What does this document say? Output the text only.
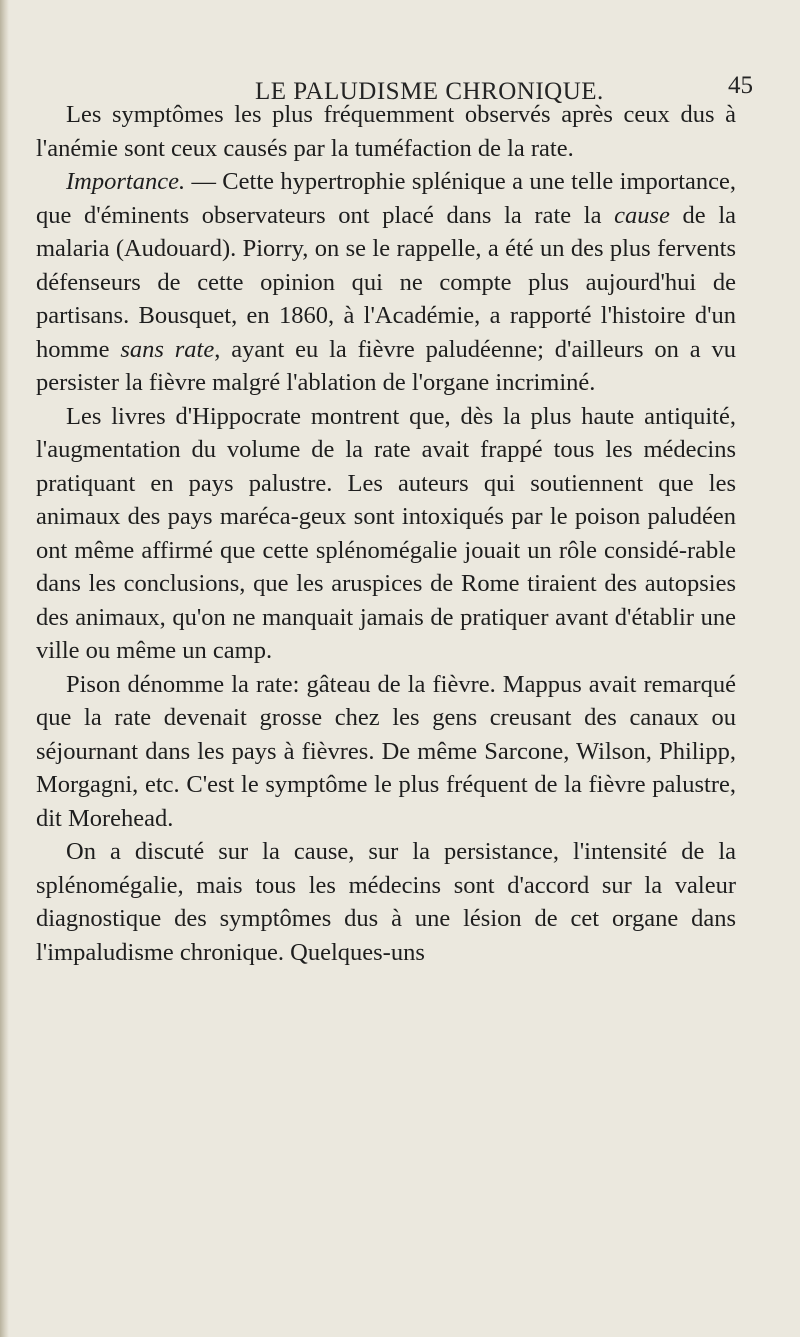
LE PALUDISME CHRONIQUE.	45

Les symptômes les plus fréquemment observés après ceux dus à l'anémie sont ceux causés par la tuméfaction de la rate.

Importance. — Cette hypertrophie splénique a une telle importance, que d'éminents observateurs ont placé dans la rate la cause de la malaria (Audouard). Piorry, on se le rappelle, a été un des plus fervents défenseurs de cette opinion qui ne compte plus aujourd'hui de partisans. Bousquet, en 1860, à l'Académie, a rapporté l'histoire d'un homme sans rate, ayant eu la fièvre paludéenne; d'ailleurs on a vu persister la fièvre malgré l'ablation de l'organe incriminé.

Les livres d'Hippocrate montrent que, dès la plus haute antiquité, l'augmentation du volume de la rate avait frappé tous les médecins pratiquant en pays palustre. Les auteurs qui soutiennent que les animaux des pays maréca-geux sont intoxiqués par le poison paludéen ont même affirmé que cette splénomégalie jouait un rôle considé-rable dans les conclusions, que les aruspices de Rome tiraient des autopsies des animaux, qu'on ne manquait jamais de pratiquer avant d'établir une ville ou même un camp.

Pison dénomme la rate: gâteau de la fièvre. Mappus avait remarqué que la rate devenait grosse chez les gens creusant des canaux ou séjournant dans les pays à fièvres. De même Sarcone, Wilson, Philipp, Morgagni, etc. C'est le symptôme le plus fréquent de la fièvre palustre, dit Morehead.

On a discuté sur la cause, sur la persistance, l'intensité de la splénomégalie, mais tous les médecins sont d'accord sur la valeur diagnostique des symptômes dus à une lésion de cet organe dans l'impaludisme chronique. Quelques-uns
